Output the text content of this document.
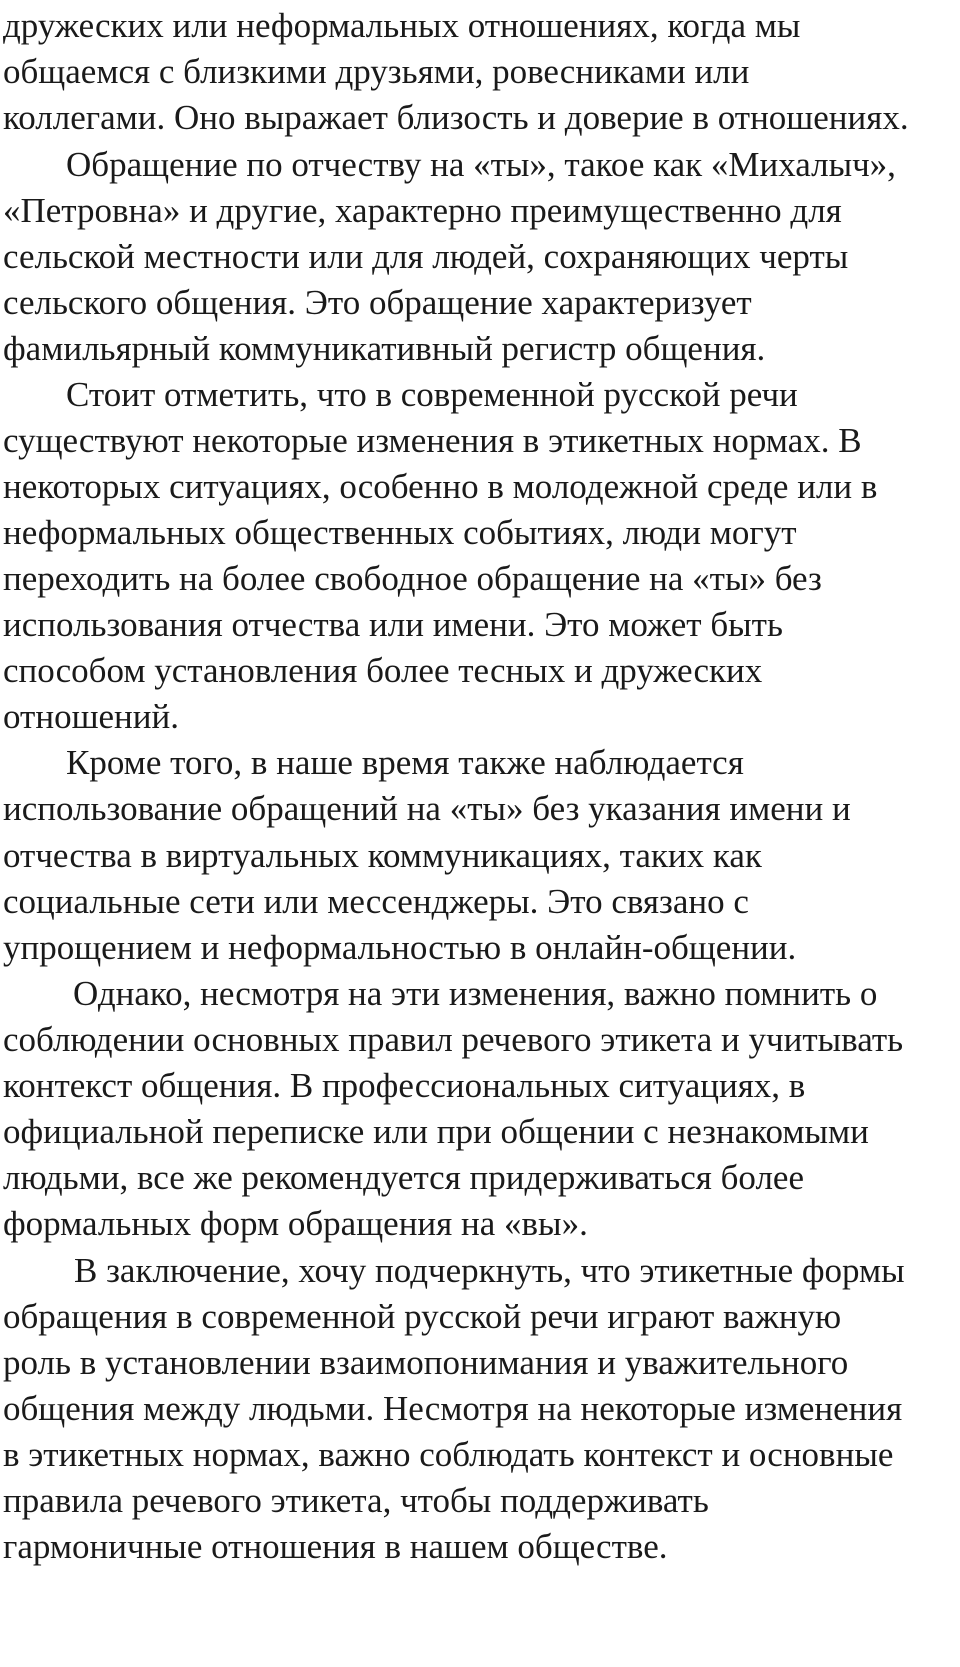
дружеских или неформальных отношениях, когда мы

общаемся с близкими друзьями, ровесниками или

коллегами. Оно выражает близость и доверие в отношениях.

Обращение по отчеству на «ты», такое как «Михалыч»,

«Петровна» и другие, характерно преимущественно для

сельской местности или для людей, сохраняющих черты

сельского общения. Это обращение характеризует

фамильярный коммуникативный регистр общения.

Стоит отметить, что в современной русской речи

существуют некоторые изменения в этикетных нормах. В

некоторых ситуациях, особенно в молодежной среде или в

неформальных общественных событиях, люди могут

переходить на более свободное обращение на «ты» без

использования отчества или имени. Это может быть

способом установления более тесных и дружеских

отношений.

Кроме того, в наше время также наблюдается

использование обращений на «ты» без указания имени и

отчества в виртуальных коммуникациях, таких как

социальные сети или мессенджеры. Это связано с

упрощением и неформальностью в онлайн-общении.

Однако, несмотря на эти изменения, важно помнить о

соблюдении основных правил речевого этикета и учитывать

контекст общения. В профессиональных ситуациях, в

официальной переписке или при общении с незнакомыми

людьми, все же рекомендуется придерживаться более

формальных форм обращения на «вы».

В заключение, хочу подчеркнуть, что этикетные формы

обращения в современной русской речи играют важную

роль в установлении взаимопонимания и уважительного

общения между людьми. Несмотря на некоторые изменения

в этикетных нормах, важно соблюдать контекст и основные

правила речевого этикета, чтобы поддерживать

гармоничные отношения в нашем обществе.
